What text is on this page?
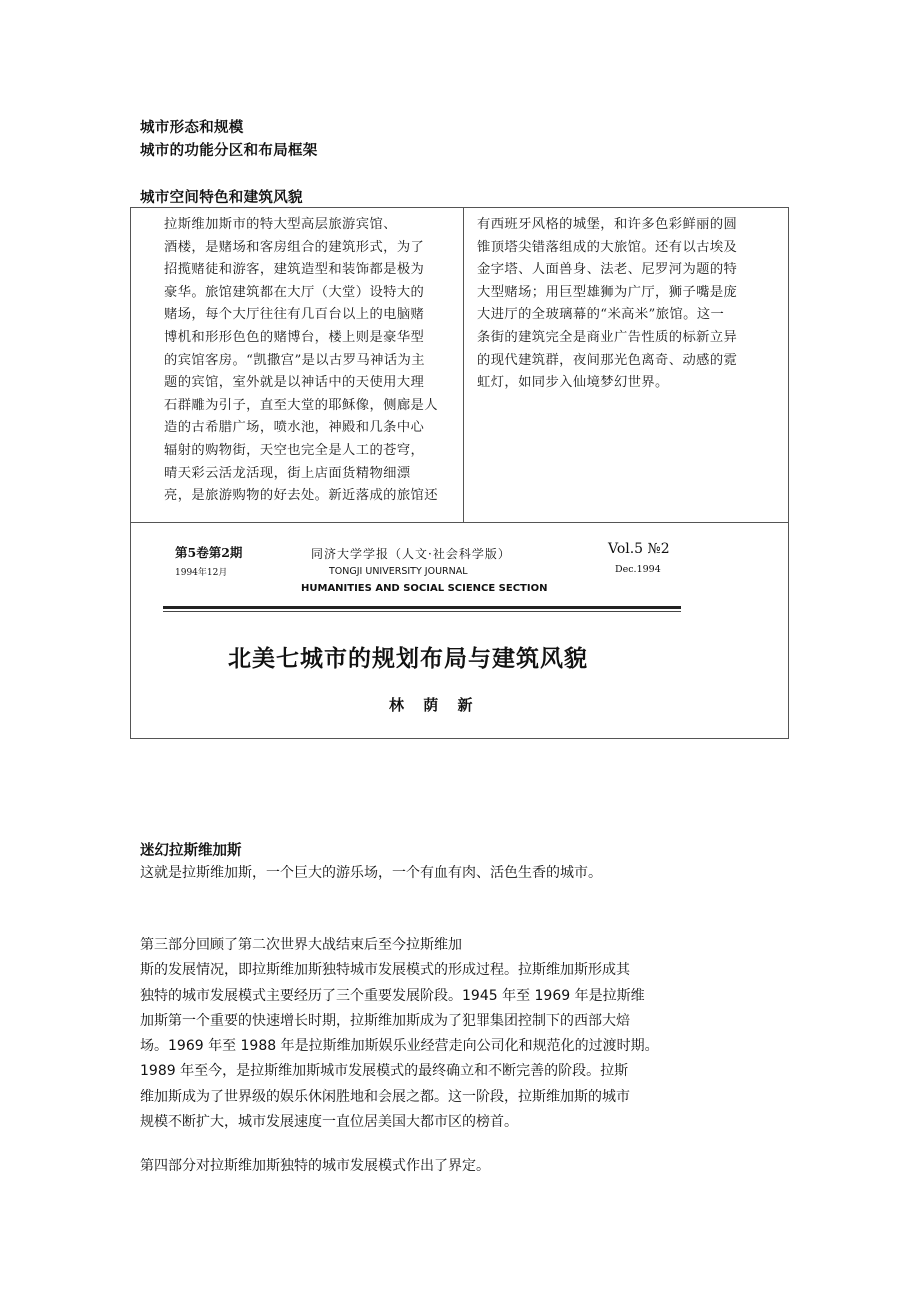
城市形态和规模
城市的功能分区和布局框架
城市空间特色和建筑风貌
拉斯维加斯市的特大型高层旅游宾馆、
酒楼，是赌场和客房组合的建筑形式，为了
招揽赌徒和游客，建筑造型和装饰都是极为
豪华。旅馆建筑都在大厅（大堂）设特大的
赌场，每个大厅往往有几百台以上的电脑赌
博机和形形色色的赌博台，楼上则是豪华型
的宾馆客房。“凯撒宫”是以古罗马神话为主
题的宾馆，室外就是以神话中的天使用大理
石群雕为引子，直至大堂的耶稣像，侧廊是人
造的古希腊广场，喷水池，神殿和几条中心
辐射的购物街，天空也完全是人工的苍穹，
晴天彩云活龙活现，街上店面货精物细漂
亮，是旅游购物的好去处。新近落成的旅馆还
有西班牙风格的城堡，和许多色彩鲜丽的圆
锥顶塔尖错落组成的大旅馆。还有以古埃及
金字塔、人面兽身、法老、尼罗河为题的特
大型赌场；用巨型雄狮为广厅，狮子嘴是庞
大进厅的全玻璃幕的“米高米”旅馆。这一
条街的建筑完全是商业广告性质的标新立异
的现代建筑群，夜间那光色离奇、动感的霓
虹灯，如同步入仙境梦幻世界。
第5卷第2期
1994年12月
同济大学学报（人文·社会科学版）
TONGJI UNIVERSITY JOURNAL
HUMANITIES AND SOCIAL SCIENCE SECTION
Vol.5 №2
Dec.1994
北美七城市的规划布局与建筑风貌
林 荫 新
迷幻拉斯维加斯
这就是拉斯维加斯，一个巨大的游乐场，一个有血有肉、活色生香的城市。
第三部分回顾了第二次世界大战结束后至今拉斯维加
斯的发展情况，即拉斯维加斯独特城市发展模式的形成过程。拉斯维加斯形成其
独特的城市发展模式主要经历了三个重要发展阶段。1945 年至 1969 年是拉斯维
加斯第一个重要的快速增长时期，拉斯维加斯成为了犯罪集团控制下的西部大焙
场。1969 年至 1988 年是拉斯维加斯娱乐业经营走向公司化和规范化的过渡时期。
1989 年至今，是拉斯维加斯城市发展模式的最终确立和不断完善的阶段。拉斯
维加斯成为了世界级的娱乐休闲胜地和会展之都。这一阶段，拉斯维加斯的城市
规模不断扩大，城市发展速度一直位居美国大都市区的榜首。
第四部分对拉斯维加斯独特的城市发展模式作出了界定。
